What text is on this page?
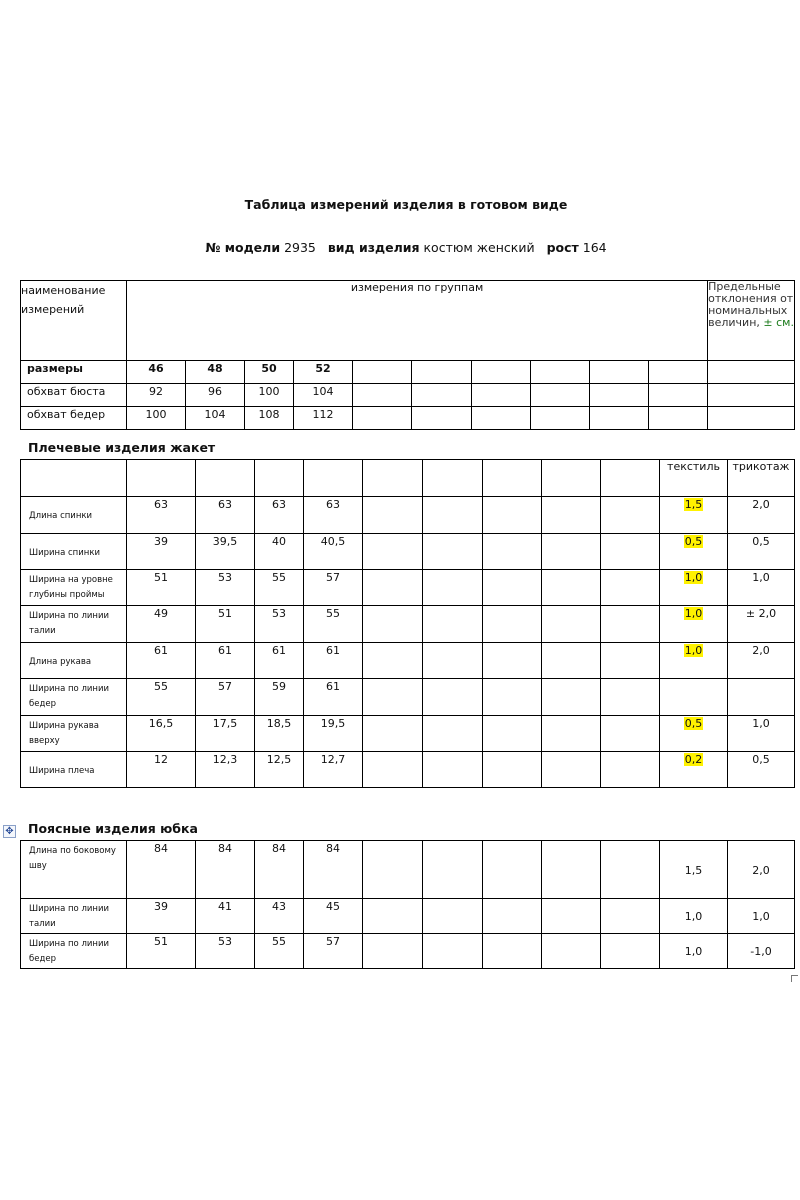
Таблица измерений изделия в готовом виде
№ модели 2935 вид изделия костюм женский рост 164
наименование измерений	измерения по группам										Предельные отклонения от номинальных величин, ± cм.
размеры	46	48	50	52							
обхват бюста	92	96	100	104							
обхват бедер	100	104	108	112							
Плечевые изделия жакет
										текстиль	трикотаж
Длина спинки	63	63	63	63						1,5	2,0
Ширина спинки	39	39,5	40	40,5						0,5	0,5
Ширина на уровне глубины проймы	51	53	55	57						1,0	1,0
Ширина по линии талии	49	51	53	55						1,0	± 2,0
Длина рукава	61	61	61	61						1,0	2,0
Ширина по линии бедер	55	57	59	61							
Ширина рукава вверху	16,5	17,5	18,5	19,5						0,5	1,0
Ширина плеча	12	12,3	12,5	12,7						0,2	0,5
✥ Поясные изделия юбка
Длина по боковому шву	84	84	84	84						1,5	2,0
Ширина по линии талии	39	41	43	45						1,0	1,0
Ширина по линии бедер	51	53	55	57						1,0	-1,0
